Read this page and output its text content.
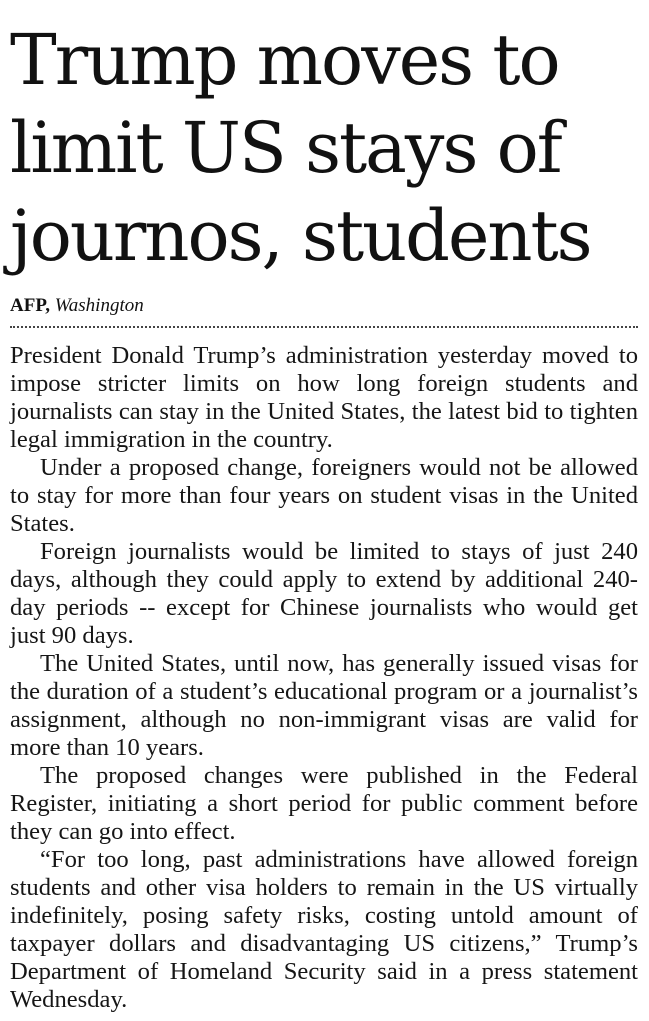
Trump moves to
limit US stays of
journos, students
AFP, Washington

President Donald Trump’s administration yesterday moved to impose stricter limits on how long foreign students and journalists can stay in the United States, the latest bid to tighten legal immigration in the country.

Under a proposed change, foreigners would not be allowed to stay for more than four years on student visas in the United States.

Foreign journalists would be limited to stays of just 240 days, although they could apply to extend by additional 240-day periods -- except for Chinese journalists who would get just 90 days.

The United States, until now, has generally issued visas for the duration of a student’s educational program or a journalist’s assignment, although no non-immigrant visas are valid for more than 10 years.

The proposed changes were published in the Federal Register, initiating a short period for public comment before they can go into effect.

“For too long, past administrations have allowed foreign students and other visa holders to remain in the US virtually indefinitely, posing safety risks, costing untold amount of taxpayer dollars and disadvantaging US citizens,” Trump’s Department of Homeland Security said in a press statement Wednesday.
